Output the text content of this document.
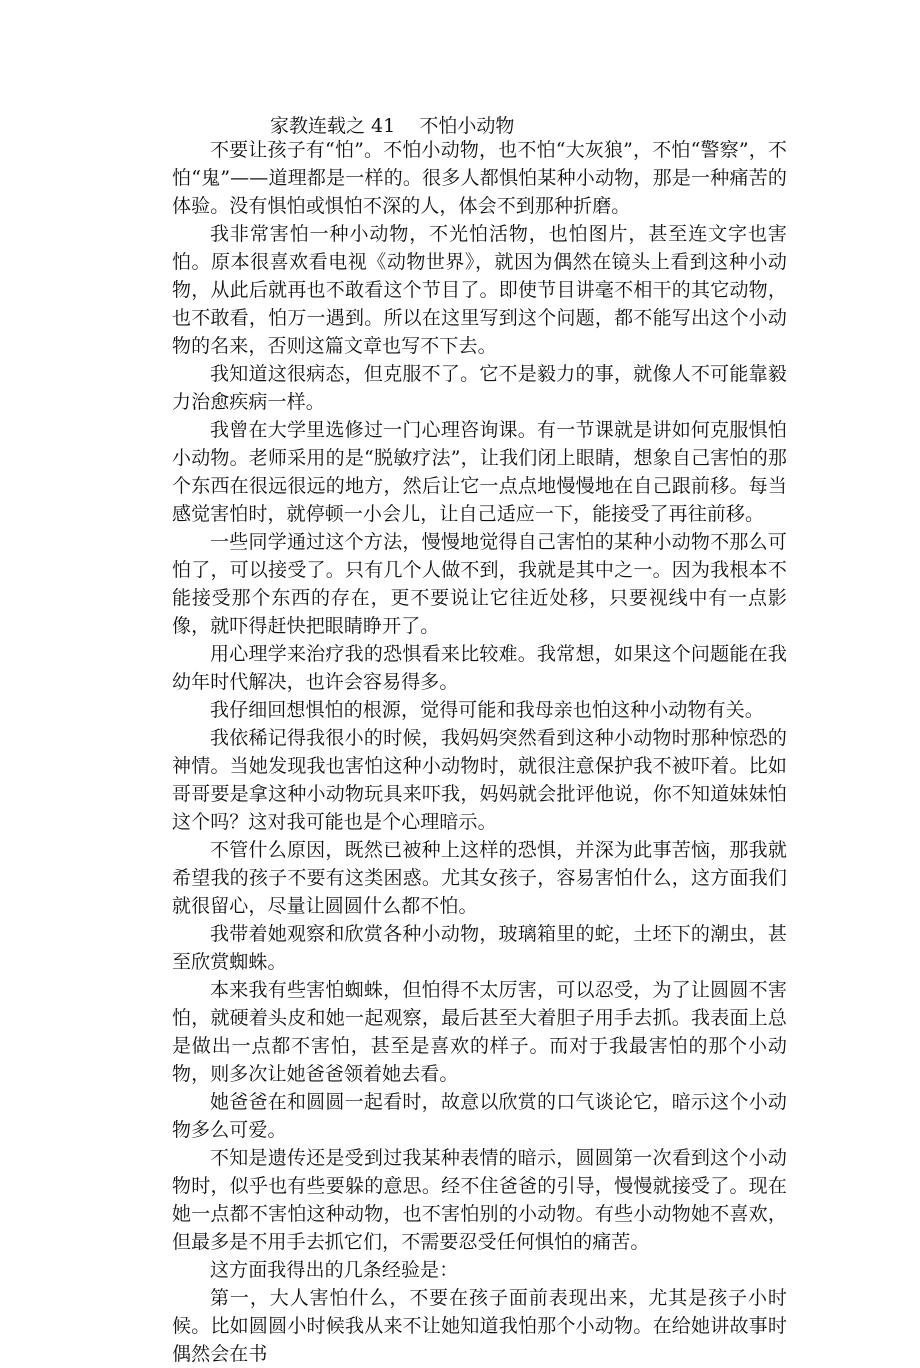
家教连载之 41    不怕小动物

不要让孩子有“怕”。不怕小动物，也不怕“大灰狼”，不怕“警察”，不怕“鬼”——道理都是一样的。很多人都惧怕某种小动物，那是一种痛苦的体验。没有惧怕或惧怕不深的人，体会不到那种折磨。

我非常害怕一种小动物，不光怕活物，也怕图片，甚至连文字也害怕。原本很喜欢看电视《动物世界》，就因为偶然在镜头上看到这种小动物，从此后就再也不敢看这个节目了。即使节目讲毫不相干的其它动物，也不敢看，怕万一遇到。所以在这里写到这个问题，都不能写出这个小动物的名来，否则这篇文章也写不下去。

我知道这很病态，但克服不了。它不是毅力的事，就像人不可能靠毅力治愈疾病一样。

我曾在大学里选修过一门心理咨询课。有一节课就是讲如何克服惧怕小动物。老师采用的是“脱敏疗法”，让我们闭上眼睛，想象自己害怕的那个东西在很远很远的地方，然后让它一点点地慢慢地在自己跟前移。每当感觉害怕时，就停顿一小会儿，让自己适应一下，能接受了再往前移。

一些同学通过这个方法，慢慢地觉得自己害怕的某种小动物不那么可怕了，可以接受了。只有几个人做不到，我就是其中之一。因为我根本不能接受那个东西的存在，更不要说让它往近处移，只要视线中有一点影像，就吓得赶快把眼睛睁开了。

用心理学来治疗我的恐惧看来比较难。我常想，如果这个问题能在我幼年时代解决，也许会容易得多。

我仔细回想惧怕的根源，觉得可能和我母亲也怕这种小动物有关。

我依稀记得我很小的时候，我妈妈突然看到这种小动物时那种惊恐的神情。当她发现我也害怕这种小动物时，就很注意保护我不被吓着。比如哥哥要是拿这种小动物玩具来吓我，妈妈就会批评他说，你不知道妹妹怕这个吗？这对我可能也是个心理暗示。

不管什么原因，既然已被种上这样的恐惧，并深为此事苦恼，那我就希望我的孩子不要有这类困惑。尤其女孩子，容易害怕什么，这方面我们就很留心，尽量让圆圆什么都不怕。

我带着她观察和欣赏各种小动物，玻璃箱里的蛇，土坯下的潮虫，甚至欣赏蜘蛛。

本来我有些害怕蜘蛛，但怕得不太厉害，可以忍受，为了让圆圆不害怕，就硬着头皮和她一起观察，最后甚至大着胆子用手去抓。我表面上总是做出一点都不害怕，甚至是喜欢的样子。而对于我最害怕的那个小动物，则多次让她爸爸领着她去看。

她爸爸在和圆圆一起看时，故意以欣赏的口气谈论它，暗示这个小动物多么可爱。

不知是遗传还是受到过我某种表情的暗示，圆圆第一次看到这个小动物时，似乎也有些要躲的意思。经不住爸爸的引导，慢慢就接受了。现在她一点都不害怕这种动物，也不害怕别的小动物。有些小动物她不喜欢，但最多是不用手去抓它们，不需要忍受任何惧怕的痛苦。

这方面我得出的几条经验是：

第一，大人害怕什么，不要在孩子面前表现出来，尤其是孩子小时候。比如圆圆小时候我从来不让她知道我怕那个小动物。在给她讲故事时偶然会在书
